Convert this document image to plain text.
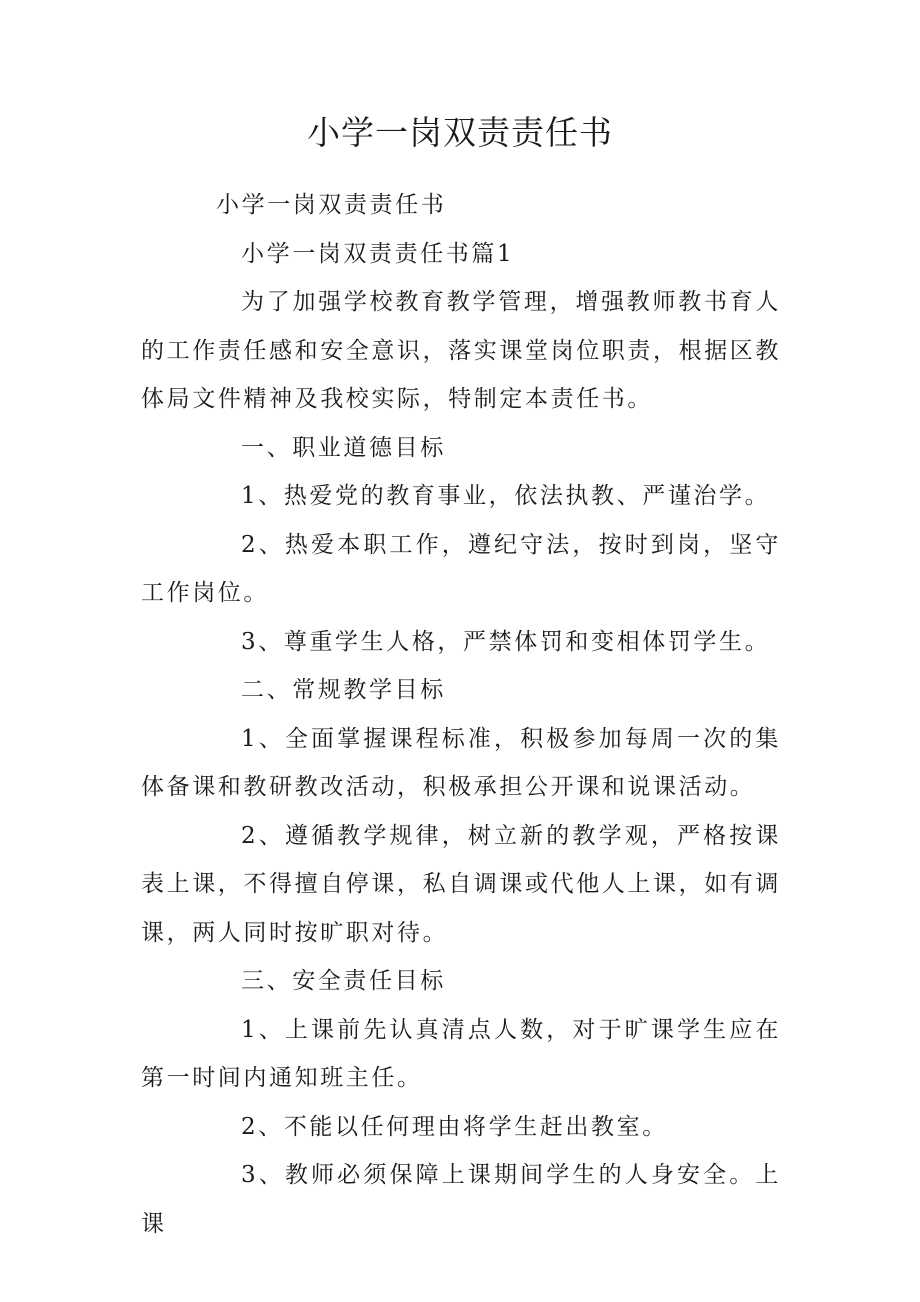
小学一岗双责责任书

小学一岗双责责任书

小学一岗双责责任书篇1

为了加强学校教育教学管理，增强教师教书育人的工作责任感和安全意识，落实课堂岗位职责，根据区教体局文件精神及我校实际，特制定本责任书。

一、职业道德目标

1、热爱党的教育事业，依法执教、严谨治学。

2、热爱本职工作，遵纪守法，按时到岗，坚守工作岗位。

3、尊重学生人格，严禁体罚和变相体罚学生。

二、常规教学目标

1、全面掌握课程标准，积极参加每周一次的集体备课和教研教改活动，积极承担公开课和说课活动。

2、遵循教学规律，树立新的教学观，严格按课表上课，不得擅自停课，私自调课或代他人上课，如有调课，两人同时按旷职对待。

三、安全责任目标

1、上课前先认真清点人数，对于旷课学生应在第一时间内通知班主任。

2、不能以任何理由将学生赶出教室。

3、教师必须保障上课期间学生的人身安全。上课
